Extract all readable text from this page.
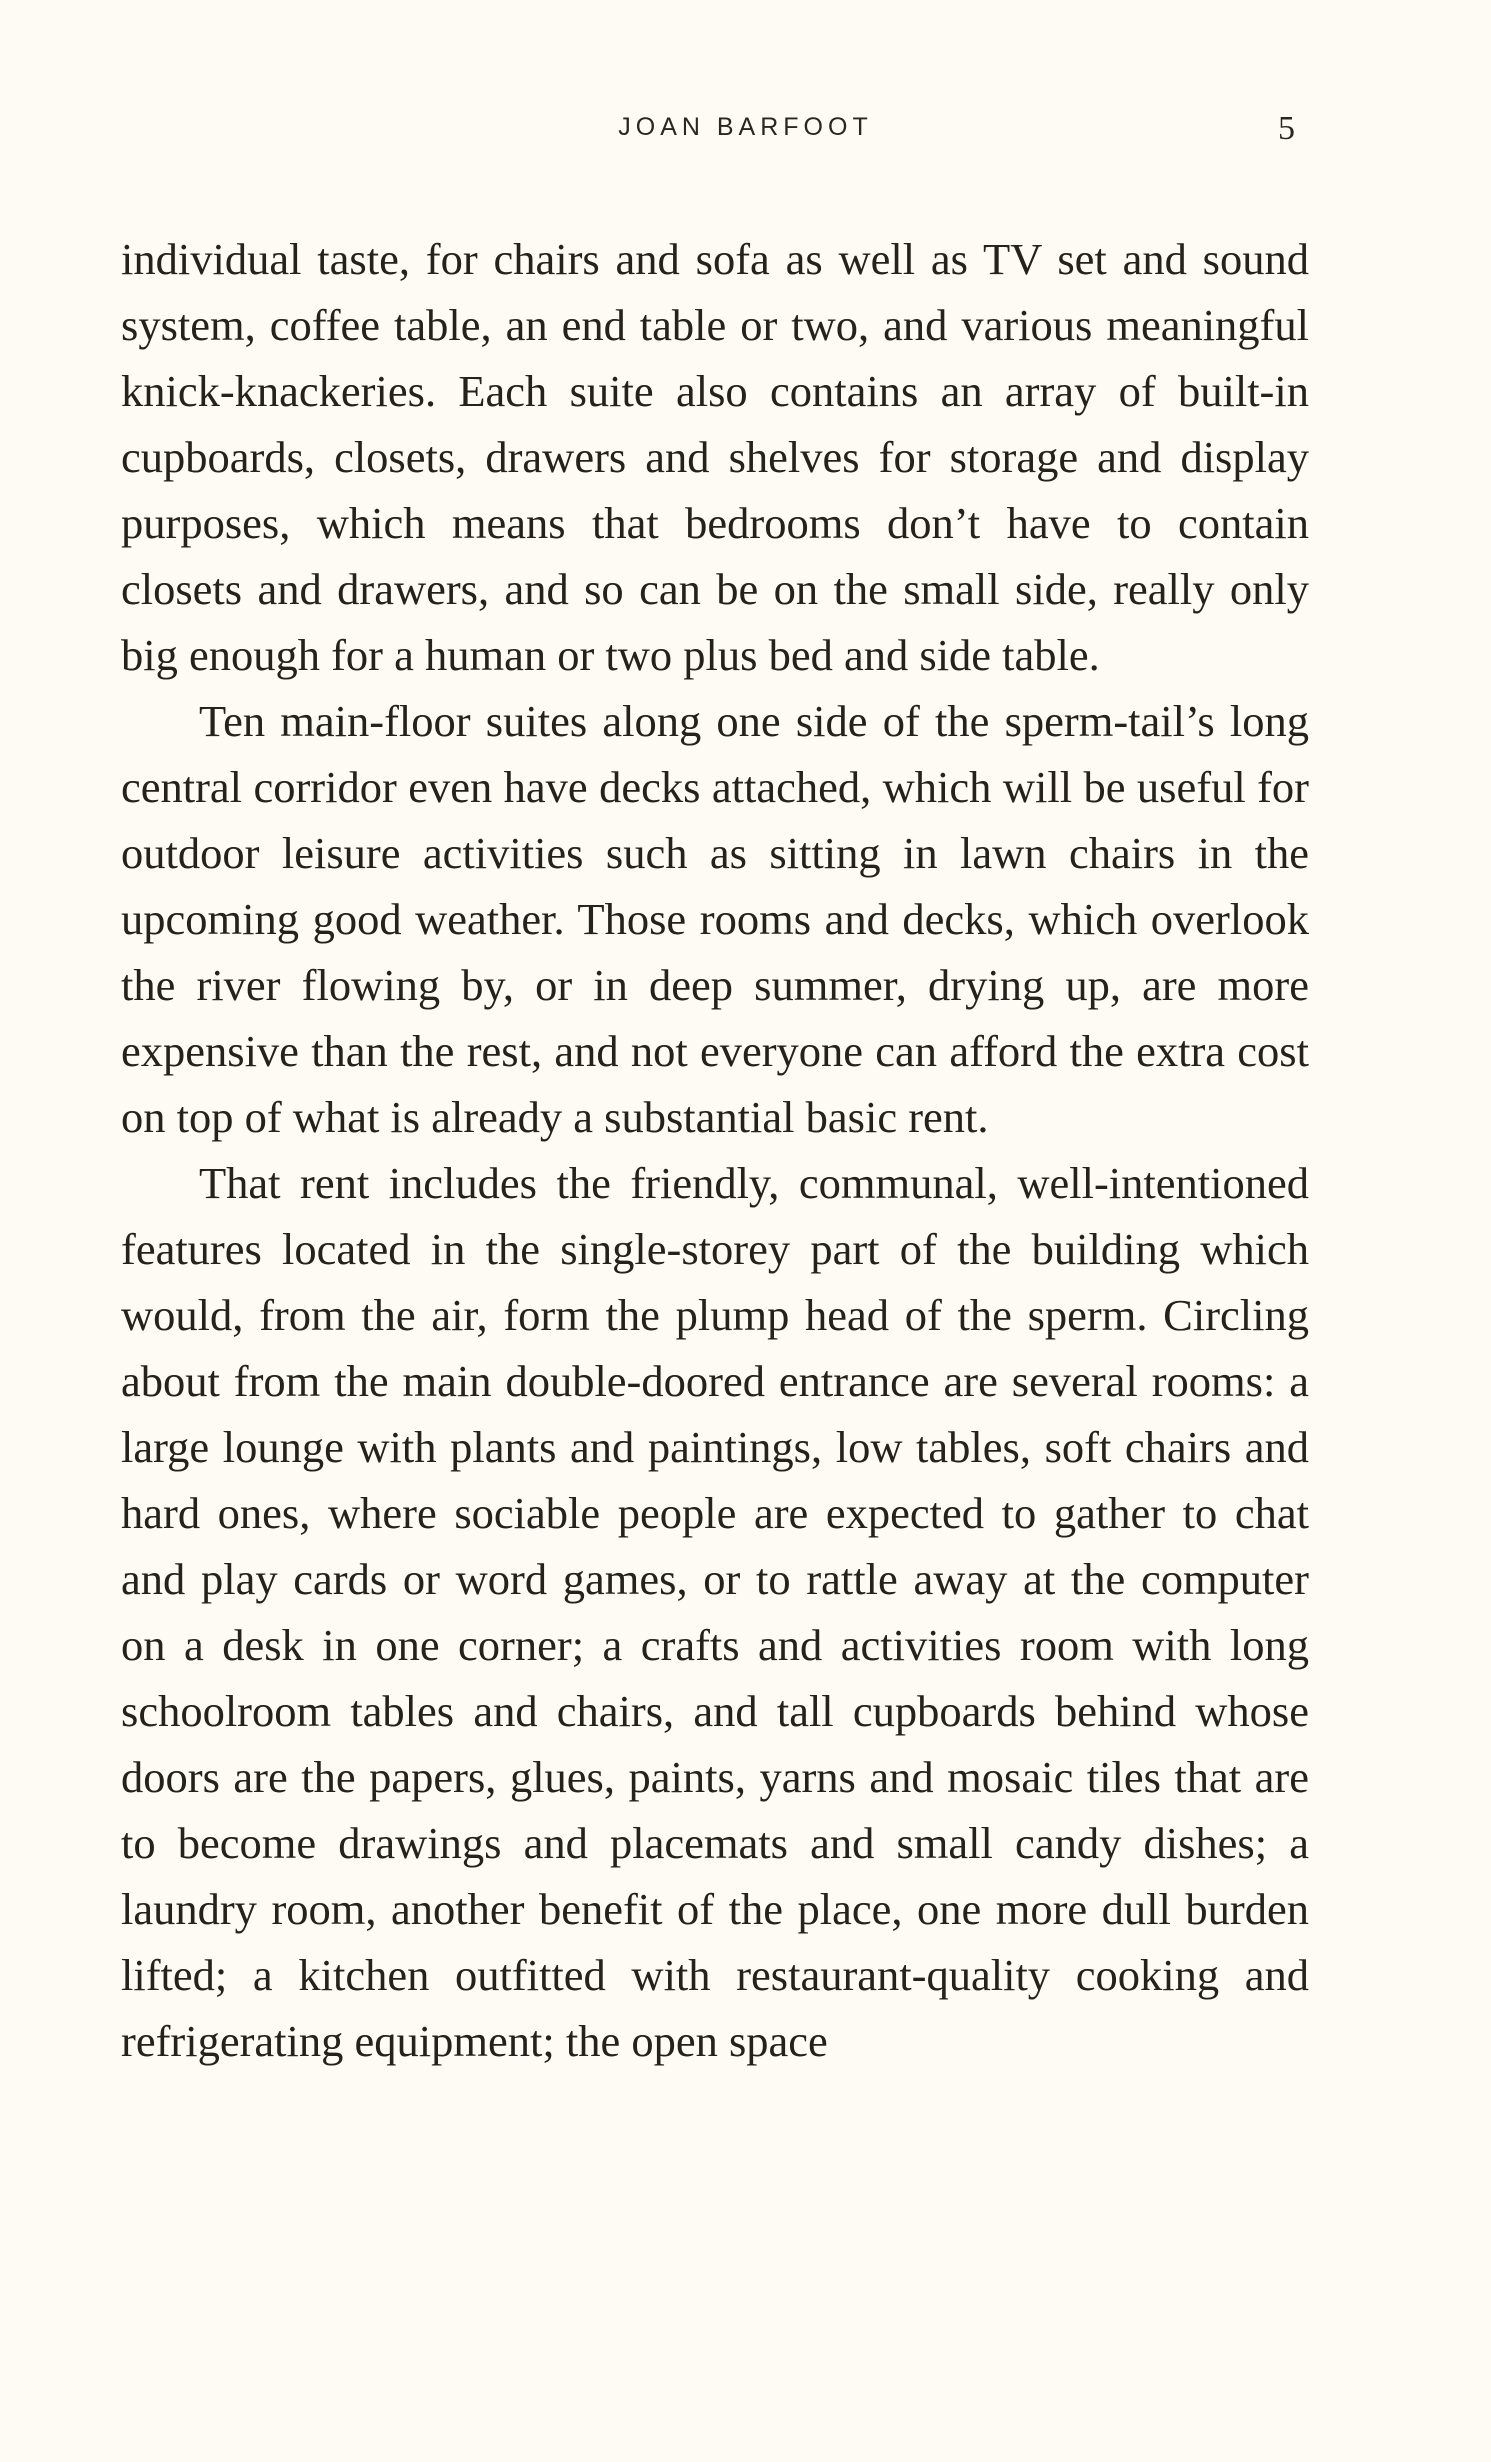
JOAN BARFOOT	5

individual taste, for chairs and sofa as well as TV set and sound system, coffee table, an end table or two, and various meaningful knick-knackeries. Each suite also contains an array of built-in cupboards, closets, drawers and shelves for storage and display purposes, which means that bedrooms don’t have to contain closets and drawers, and so can be on the small side, really only big enough for a human or two plus bed and side table.

Ten main-floor suites along one side of the sperm-tail’s long central corridor even have decks attached, which will be useful for outdoor leisure activities such as sitting in lawn chairs in the upcoming good weather. Those rooms and decks, which overlook the river flowing by, or in deep summer, drying up, are more expensive than the rest, and not everyone can afford the extra cost on top of what is already a substantial basic rent.

That rent includes the friendly, communal, well-intentioned features located in the single-storey part of the building which would, from the air, form the plump head of the sperm. Circling about from the main double-doored entrance are several rooms: a large lounge with plants and paintings, low tables, soft chairs and hard ones, where sociable people are expected to gather to chat and play cards or word games, or to rattle away at the computer on a desk in one corner; a crafts and activities room with long schoolroom tables and chairs, and tall cupboards behind whose doors are the papers, glues, paints, yarns and mosaic tiles that are to become drawings and placemats and small candy dishes; a laundry room, another benefit of the place, one more dull burden lifted; a kitchen outfitted with restaurant-quality cooking and refrigerating equipment; the open space
